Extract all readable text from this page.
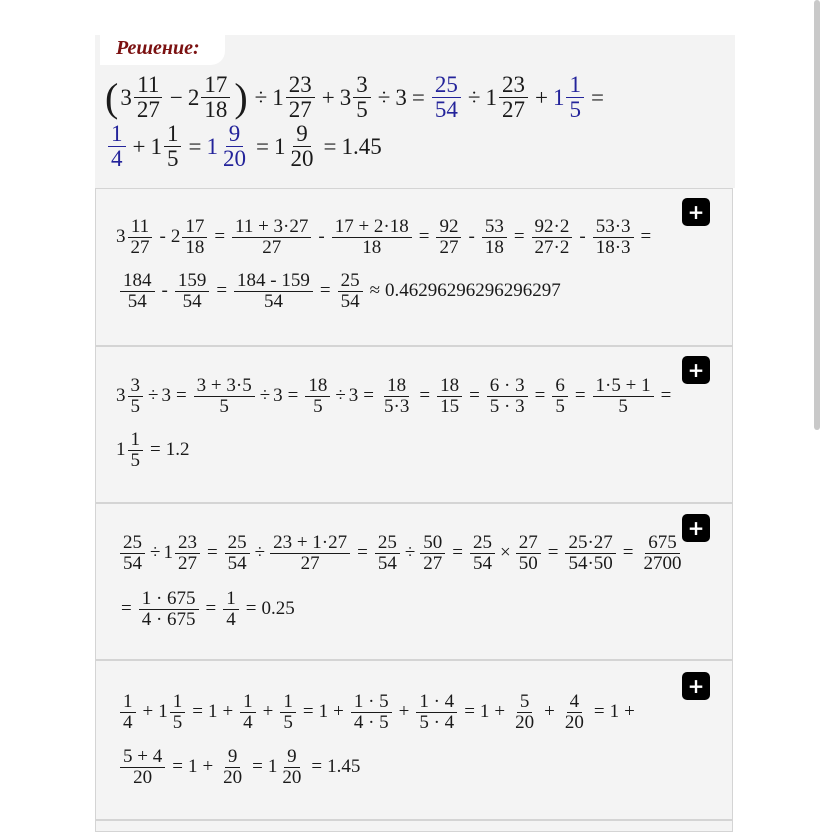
Решение:
( $3 \frac{11}{27} - 2 \frac{17}{18}$ ) ÷ $1 \frac{23}{27} + 3 \frac{3}{5} \div 3 = \frac{25}{54} \div 1 \frac{23}{27} + 1 \frac{1}{5}$ =
$\frac{1}{4} + 1 \frac{1}{5} = 1 \frac{9}{20} = 1 \frac{9}{20} = 1.45$
$3 \frac{11}{27} - 2 \frac{17}{18} = \frac{11 + 3\cdot 27}{27} - \frac{17 + 2\cdot 18}{18} = \frac{92}{27} - \frac{53}{18} = \frac{92\cdot 2}{27\cdot 2} - \frac{53\cdot 3}{18\cdot 3}$ =
$\frac{184}{54} - \frac{159}{54} = \frac{184 - 159}{54} = \frac{25}{54} \approx 0.46296296296296297$
+
$3 \frac{3}{5} \div 3 = \frac{3 + 3\cdot 5}{5} \div 3 = \frac{18}{5} \div 3 = \frac{18}{5\cdot 3} = \frac{18}{15} = \frac{6 \cdot 3}{5 \cdot 3} = \frac{6}{5} = \frac{1\cdot 5 + 1}{5}$ =
$1 \frac{1}{5} = 1.2$
+
$\frac{25}{54} \div 1 \frac{23}{27} = \frac{25}{54} \div \frac{23 + 1\cdot 27}{27} = \frac{25}{54} \div \frac{50}{27} = \frac{25}{54} \times \frac{27}{50} = \frac{25\cdot 27}{54\cdot 50} = \frac{675}{2700}$
= $\frac{1 \cdot 675}{4 \cdot 675} = \frac{1}{4} = 0.25$
+
$\frac{1}{4} + 1 \frac{1}{5} = 1 + \frac{1}{4} + \frac{1}{5} = 1 + \frac{1 \cdot 5}{4 \cdot 5} + \frac{1 \cdot 4}{5 \cdot 4} = 1 + \frac{5}{20} + \frac{4}{20} = 1$ +
$\frac{5 + 4}{20} = 1 + \frac{9}{20} = 1 \frac{9}{20} = 1.45$
+
